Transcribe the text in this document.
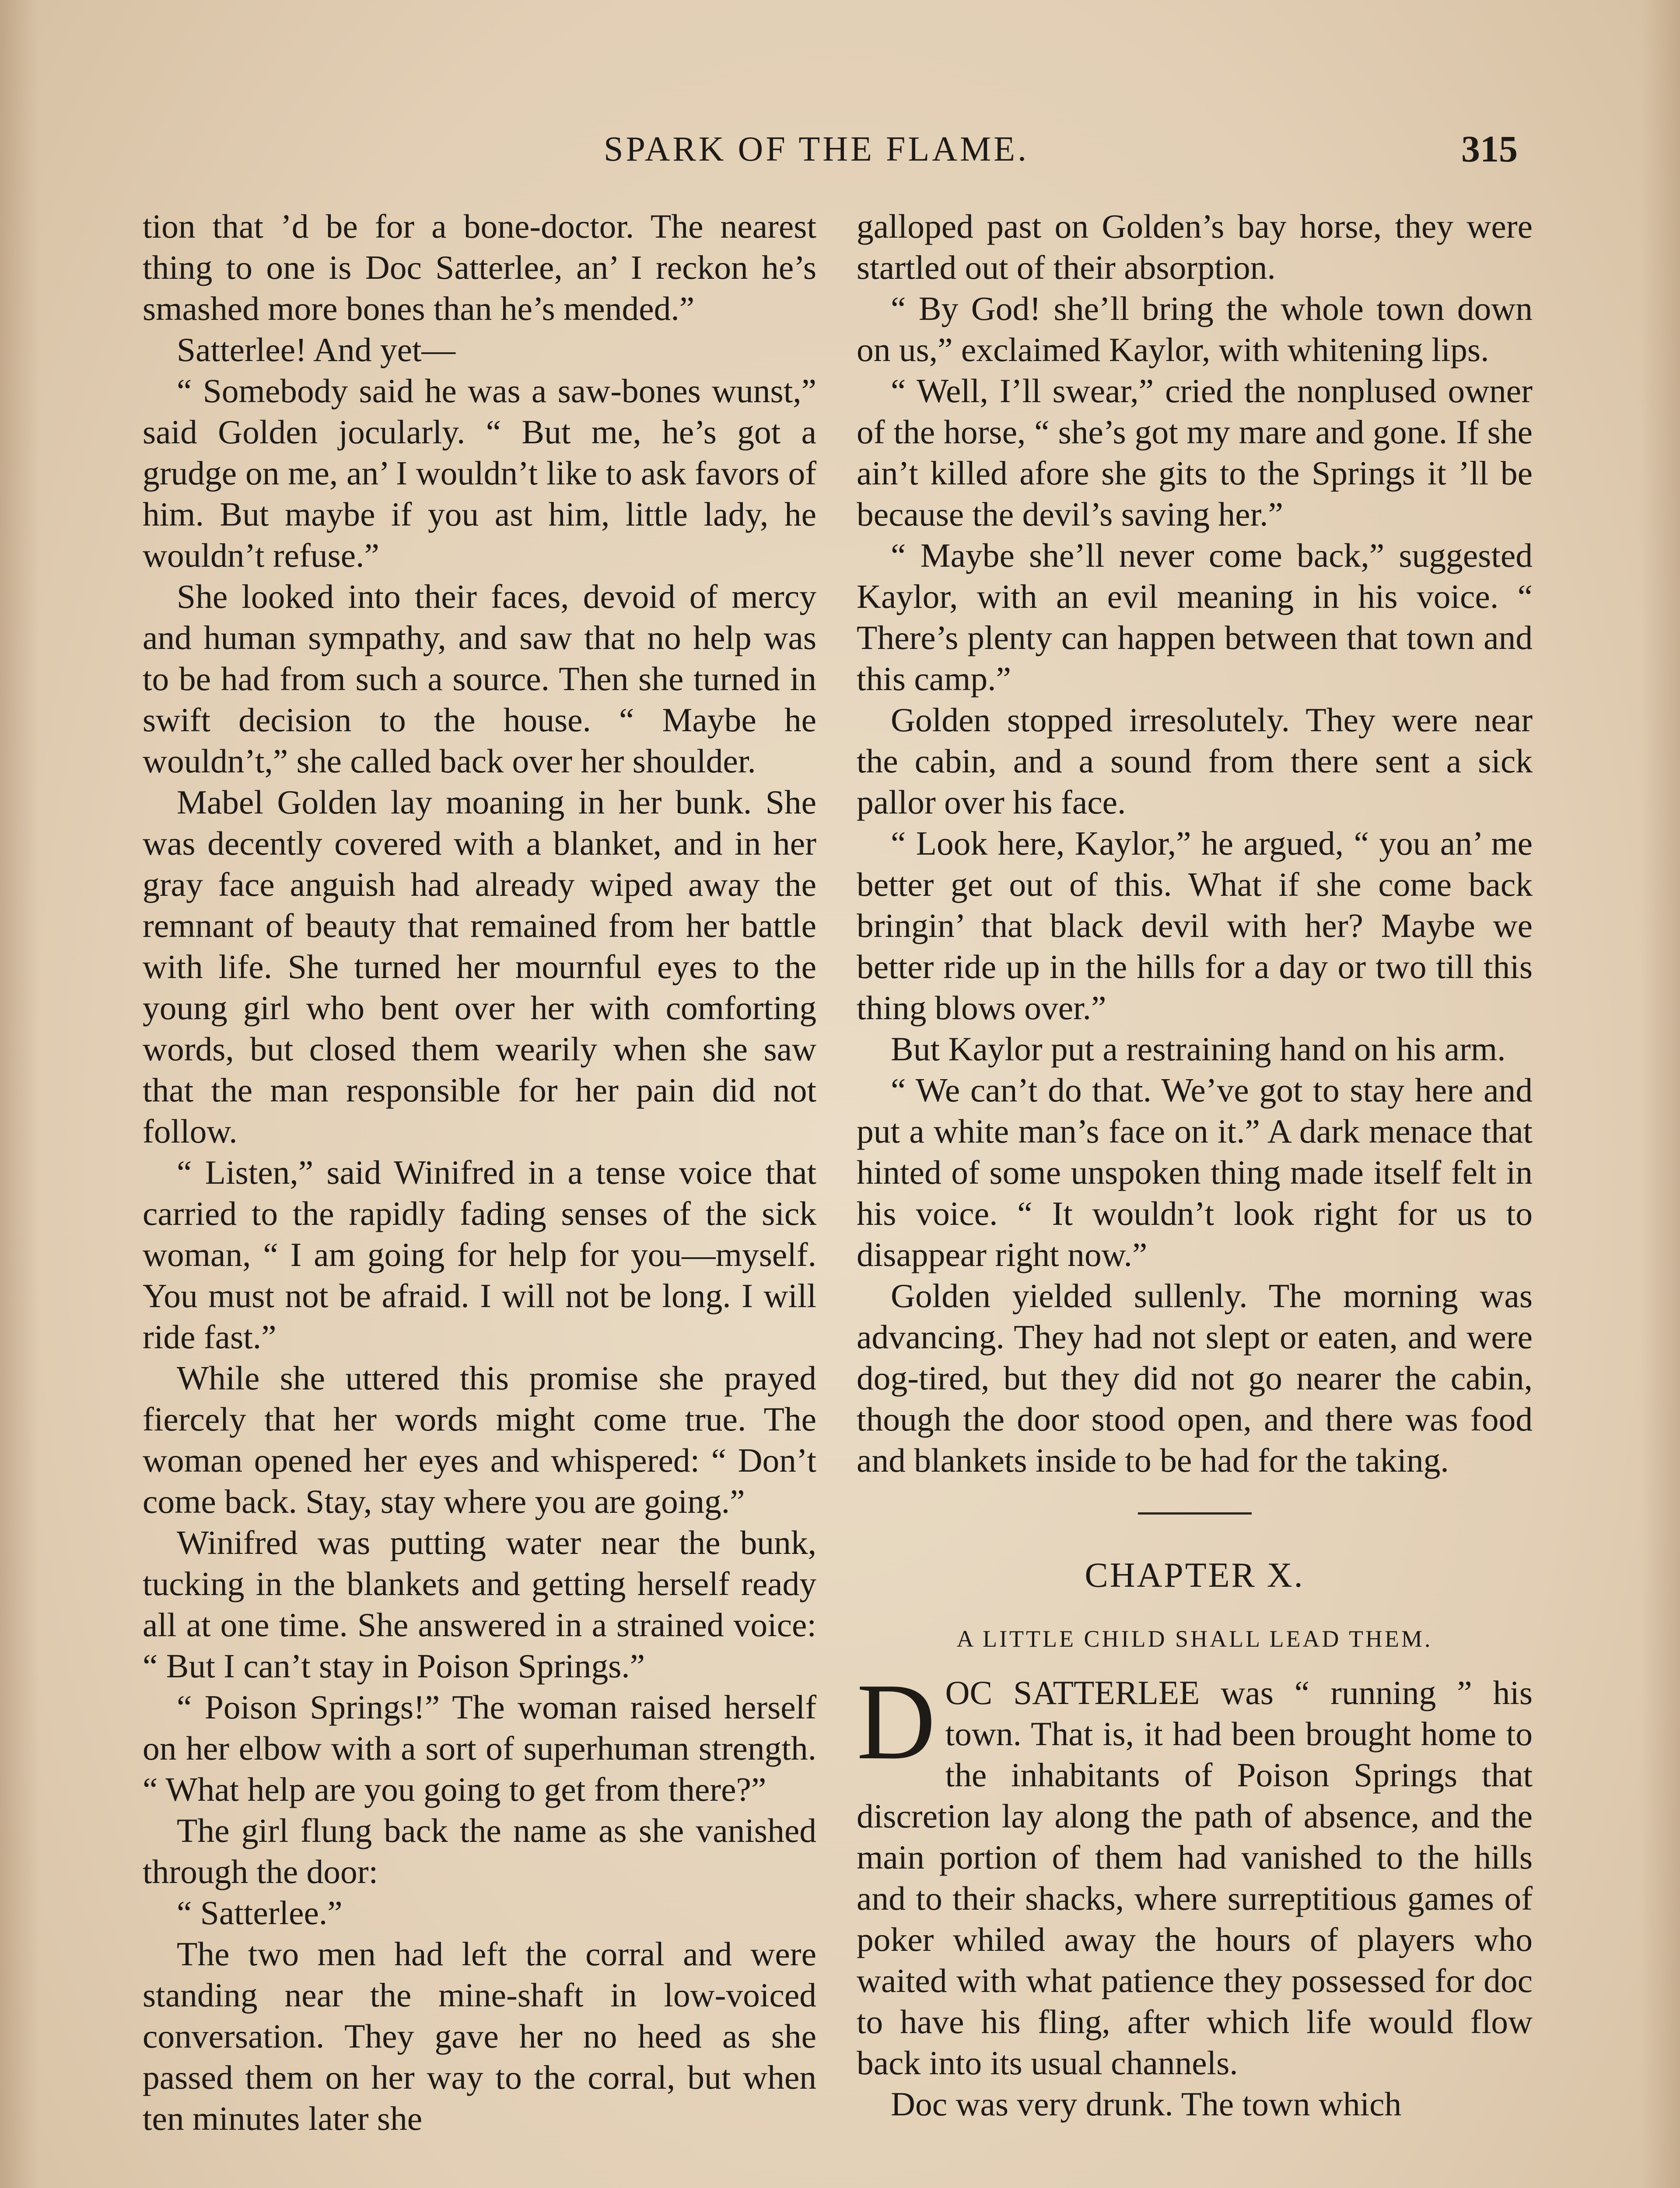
SPARK OF THE FLAME.	315

tion that ’d be for a bone-doctor. The nearest thing to one is Doc Satterlee, an’ I reckon he’s smashed more bones than he’s mended.”

Satterlee! And yet—

“ Somebody said he was a saw-bones wunst,” said Golden jocularly. “ But me, he’s got a grudge on me, an’ I wouldn’t like to ask favors of him. But maybe if you ast him, little lady, he wouldn’t refuse.”

She looked into their faces, devoid of mercy and human sympathy, and saw that no help was to be had from such a source. Then she turned in swift decision to the house. “ Maybe he wouldn’t,” she called back over her shoulder.

Mabel Golden lay moaning in her bunk. She was decently covered with a blanket, and in her gray face anguish had already wiped away the remnant of beauty that remained from her battle with life. She turned her mournful eyes to the young girl who bent over her with comforting words, but closed them wearily when she saw that the man responsible for her pain did not follow.

“ Listen,” said Winifred in a tense voice that carried to the rapidly fading senses of the sick woman, “ I am going for help for you—myself. You must not be afraid. I will not be long. I will ride fast.”

While she uttered this promise she prayed fiercely that her words might come true. The woman opened her eyes and whispered: “ Don’t come back. Stay, stay where you are going.”

Winifred was putting water near the bunk, tucking in the blankets and getting herself ready all at one time. She answered in a strained voice: “ But I can’t stay in Poison Springs.”

“ Poison Springs!” The woman raised herself on her elbow with a sort of superhuman strength. “ What help are you going to get from there?”

The girl flung back the name as she vanished through the door:

“ Satterlee.”

The two men had left the corral and were standing near the mine-shaft in low-voiced conversation. They gave her no heed as she passed them on her way to the corral, but when ten minutes later she

galloped past on Golden’s bay horse, they were startled out of their absorption.

“ By God! she’ll bring the whole town down on us,” exclaimed Kaylor, with whitening lips.

“ Well, I’ll swear,” cried the nonplused owner of the horse, “ she’s got my mare and gone. If she ain’t killed afore she gits to the Springs it ’ll be because the devil’s saving her.”

“ Maybe she’ll never come back,” suggested Kaylor, with an evil meaning in his voice. “ There’s plenty can happen between that town and this camp.”

Golden stopped irresolutely. They were near the cabin, and a sound from there sent a sick pallor over his face.

“ Look here, Kaylor,” he argued, “ you an’ me better get out of this. What if she come back bringin’ that black devil with her? Maybe we better ride up in the hills for a day or two till this thing blows over.”

But Kaylor put a restraining hand on his arm.

“ We can’t do that. We’ve got to stay here and put a white man’s face on it.” A dark menace that hinted of some unspoken thing made itself felt in his voice. “ It wouldn’t look right for us to disappear right now.”

Golden yielded sullenly. The morning was advancing. They had not slept or eaten, and were dog-tired, but they did not go nearer the cabin, though the door stood open, and there was food and blankets inside to be had for the taking.

CHAPTER X.
A LITTLE CHILD SHALL LEAD THEM.

DOC SATTERLEE was “ running ” his town. That is, it had been brought home to the inhabitants of Poison Springs that discretion lay along the path of absence, and the main portion of them had vanished to the hills and to their shacks, where surreptitious games of poker whiled away the hours of players who waited with what patience they possessed for doc to have his fling, after which life would flow back into its usual channels.

Doc was very drunk. The town which
